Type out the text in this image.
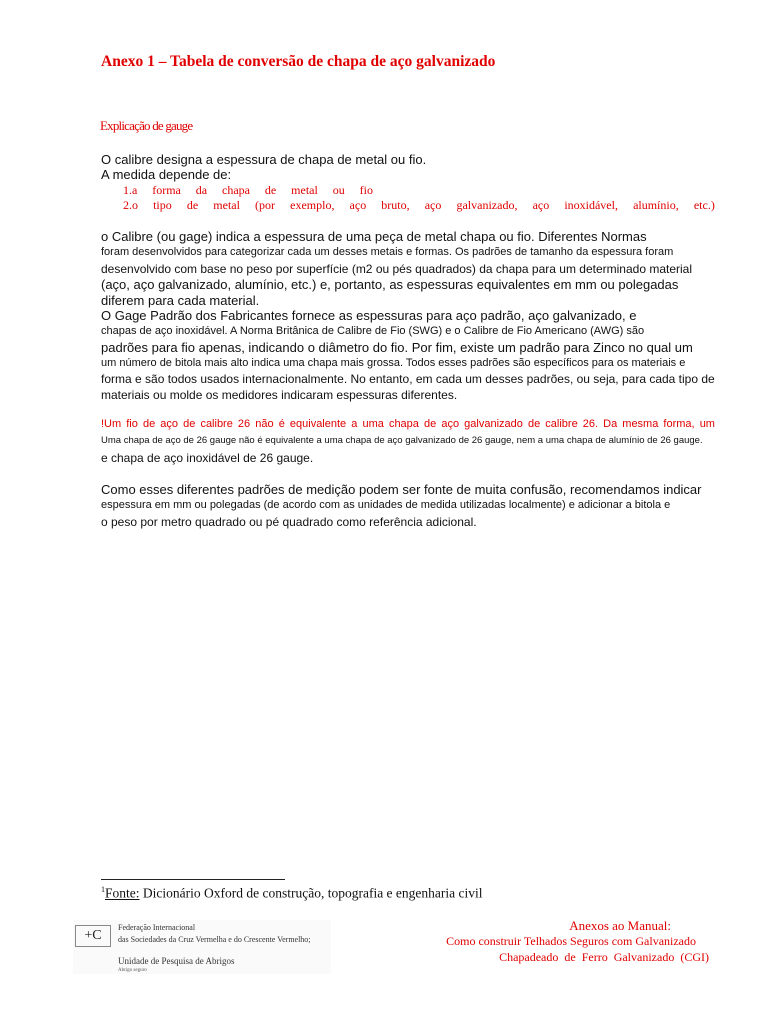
Anexo 1 – Tabela de conversão de chapa de aço galvanizado
Explicação de gauge
O calibre designa a espessura de chapa de metal ou fio.
A medida depende de:
1.a forma da chapa de metal ou fio
2.o tipo de metal (por exemplo, aço bruto, aço galvanizado, aço inoxidável, alumínio, etc.)
o Calibre (ou gage) indica a espessura de uma peça de metal chapa ou fio. Diferentes Normas
foram desenvolvidos para categorizar cada um desses metais e formas. Os padrões de tamanho da espessura foram
desenvolvido com base no peso por superfície (m2 ou pés quadrados) da chapa para um determinado material
(aço, aço galvanizado, alumínio, etc.) e, portanto, as espessuras equivalentes em mm ou polegadas
diferem para cada material.
O Gage Padrão dos Fabricantes fornece as espessuras para aço padrão, aço galvanizado, e
chapas de aço inoxidável. A Norma Britânica de Calibre de Fio (SWG) e o Calibre de Fio Americano (AWG) são
padrões para fio apenas, indicando o diâmetro do fio. Por fim, existe um padrão para Zinco no qual um
um número de bitola mais alto indica uma chapa mais grossa. Todos esses padrões são específicos para os materiais e
forma e são todos usados internacionalmente. No entanto, em cada um desses padrões, ou seja, para cada tipo de
materiais ou molde os medidores indicaram espessuras diferentes.
!Um fio de aço de calibre 26 não é equivalente a uma chapa de aço galvanizado de calibre 26. Da mesma forma, um
Uma chapa de aço de 26 gauge não é equivalente a uma chapa de aço galvanizado de 26 gauge, nem a uma chapa de alumínio de 26 gauge.
e chapa de aço inoxidável de 26 gauge.
Como esses diferentes padrões de medição podem ser fonte de muita confusão, recomendamos indicar
espessura em mm ou polegadas (de acordo com as unidades de medida utilizadas localmente) e adicionar a bitola e
o peso por metro quadrado ou pé quadrado como referência adicional.
$^1$Fonte: Dicionário Oxford de construção, topografia e engenharia civil
+C
Federação Internacional
das Sociedades da Cruz Vermelha e do Crescente Vermelho;
Unidade de Pesquisa de Abrigos
Abrigo seguro
Anexos ao Manual:
Como construir Telhados Seguros com Galvanizado
Chapadeado de Ferro Galvanizado (CGI)
